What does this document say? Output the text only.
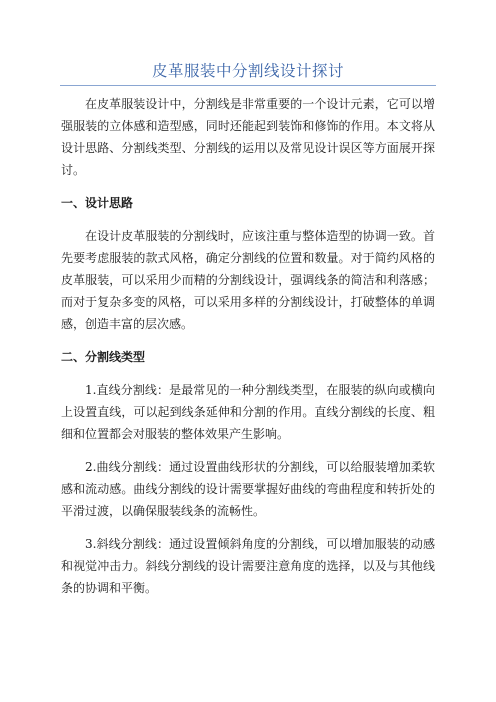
皮革服装中分割线设计探讨

在皮革服装设计中，分割线是非常重要的一个设计元素，它可以增强服装的立体感和造型感，同时还能起到装饰和修饰的作用。本文将从设计思路、分割线类型、分割线的运用以及常见设计误区等方面展开探讨。

一、设计思路

在设计皮革服装的分割线时，应该注重与整体造型的协调一致。首先要考虑服装的款式风格，确定分割线的位置和数量。对于简约风格的皮革服装，可以采用少而精的分割线设计，强调线条的简洁和利落感；而对于复杂多变的风格，可以采用多样的分割线设计，打破整体的单调感，创造丰富的层次感。

二、分割线类型

1.直线分割线：是最常见的一种分割线类型，在服装的纵向或横向上设置直线，可以起到线条延伸和分割的作用。直线分割线的长度、粗细和位置都会对服装的整体效果产生影响。

2.曲线分割线：通过设置曲线形状的分割线，可以给服装增加柔软感和流动感。曲线分割线的设计需要掌握好曲线的弯曲程度和转折处的平滑过渡，以确保服装线条的流畅性。

3.斜线分割线：通过设置倾斜角度的分割线，可以增加服装的动感和视觉冲击力。斜线分割线的设计需要注意角度的选择，以及与其他线条的协调和平衡。
